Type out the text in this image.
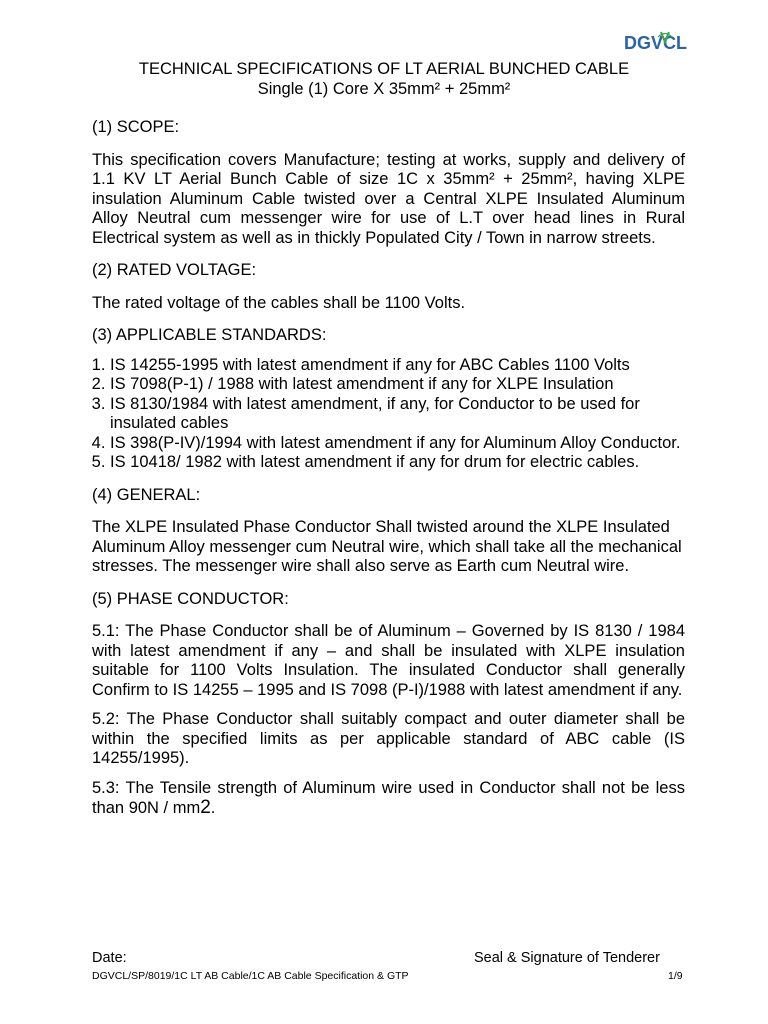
DGVCL
TECHNICAL SPECIFICATIONS OF LT AERIAL BUNCHED CABLE
Single (1) Core X 35mm² + 25mm²

(1) SCOPE:

This specification covers Manufacture; testing at works, supply and delivery of 1.1 KV LT Aerial Bunch Cable of size 1C x 35mm² + 25mm², having XLPE insulation Aluminum Cable twisted over a Central XLPE Insulated Aluminum Alloy Neutral cum messenger wire for use of L.T over head lines in Rural Electrical system as well as in thickly Populated City / Town in narrow streets.

(2) RATED VOLTAGE:

The rated voltage of the cables shall be 1100 Volts.

(3) APPLICABLE STANDARDS:

1. IS 14255-1995 with latest amendment if any for ABC Cables 1100 Volts
2. IS 7098(P-1) / 1988 with latest amendment if any for XLPE Insulation
3. IS 8130/1984 with latest amendment, if any, for Conductor to be used for insulated cables
4. IS 398(P-IV)/1994 with latest amendment if any for Aluminum Alloy Conductor.
5. IS 10418/ 1982 with latest amendment if any for drum for electric cables.

(4) GENERAL:

The XLPE Insulated Phase Conductor Shall twisted around the XLPE Insulated Aluminum Alloy messenger cum Neutral wire, which shall take all the mechanical stresses. The messenger wire shall also serve as Earth cum Neutral wire.

(5) PHASE CONDUCTOR:

5.1: The Phase Conductor shall be of Aluminum – Governed by IS 8130 / 1984 with latest amendment if any – and shall be insulated with XLPE insulation suitable for 1100 Volts Insulation. The insulated Conductor shall generally Confirm to IS 14255 – 1995 and IS 7098 (P-I)/1988 with latest amendment if any.

5.2: The Phase Conductor shall suitably compact and outer diameter shall be within the specified limits as per applicable standard of ABC cable (IS 14255/1995).

5.3: The Tensile strength of Aluminum wire used in Conductor shall not be less than 90N / mm2.

Date:	Seal & Signature of Tenderer
DGVCL/SP/8019/1C LT AB Cable/1C AB Cable Specification & GTP	1/9
